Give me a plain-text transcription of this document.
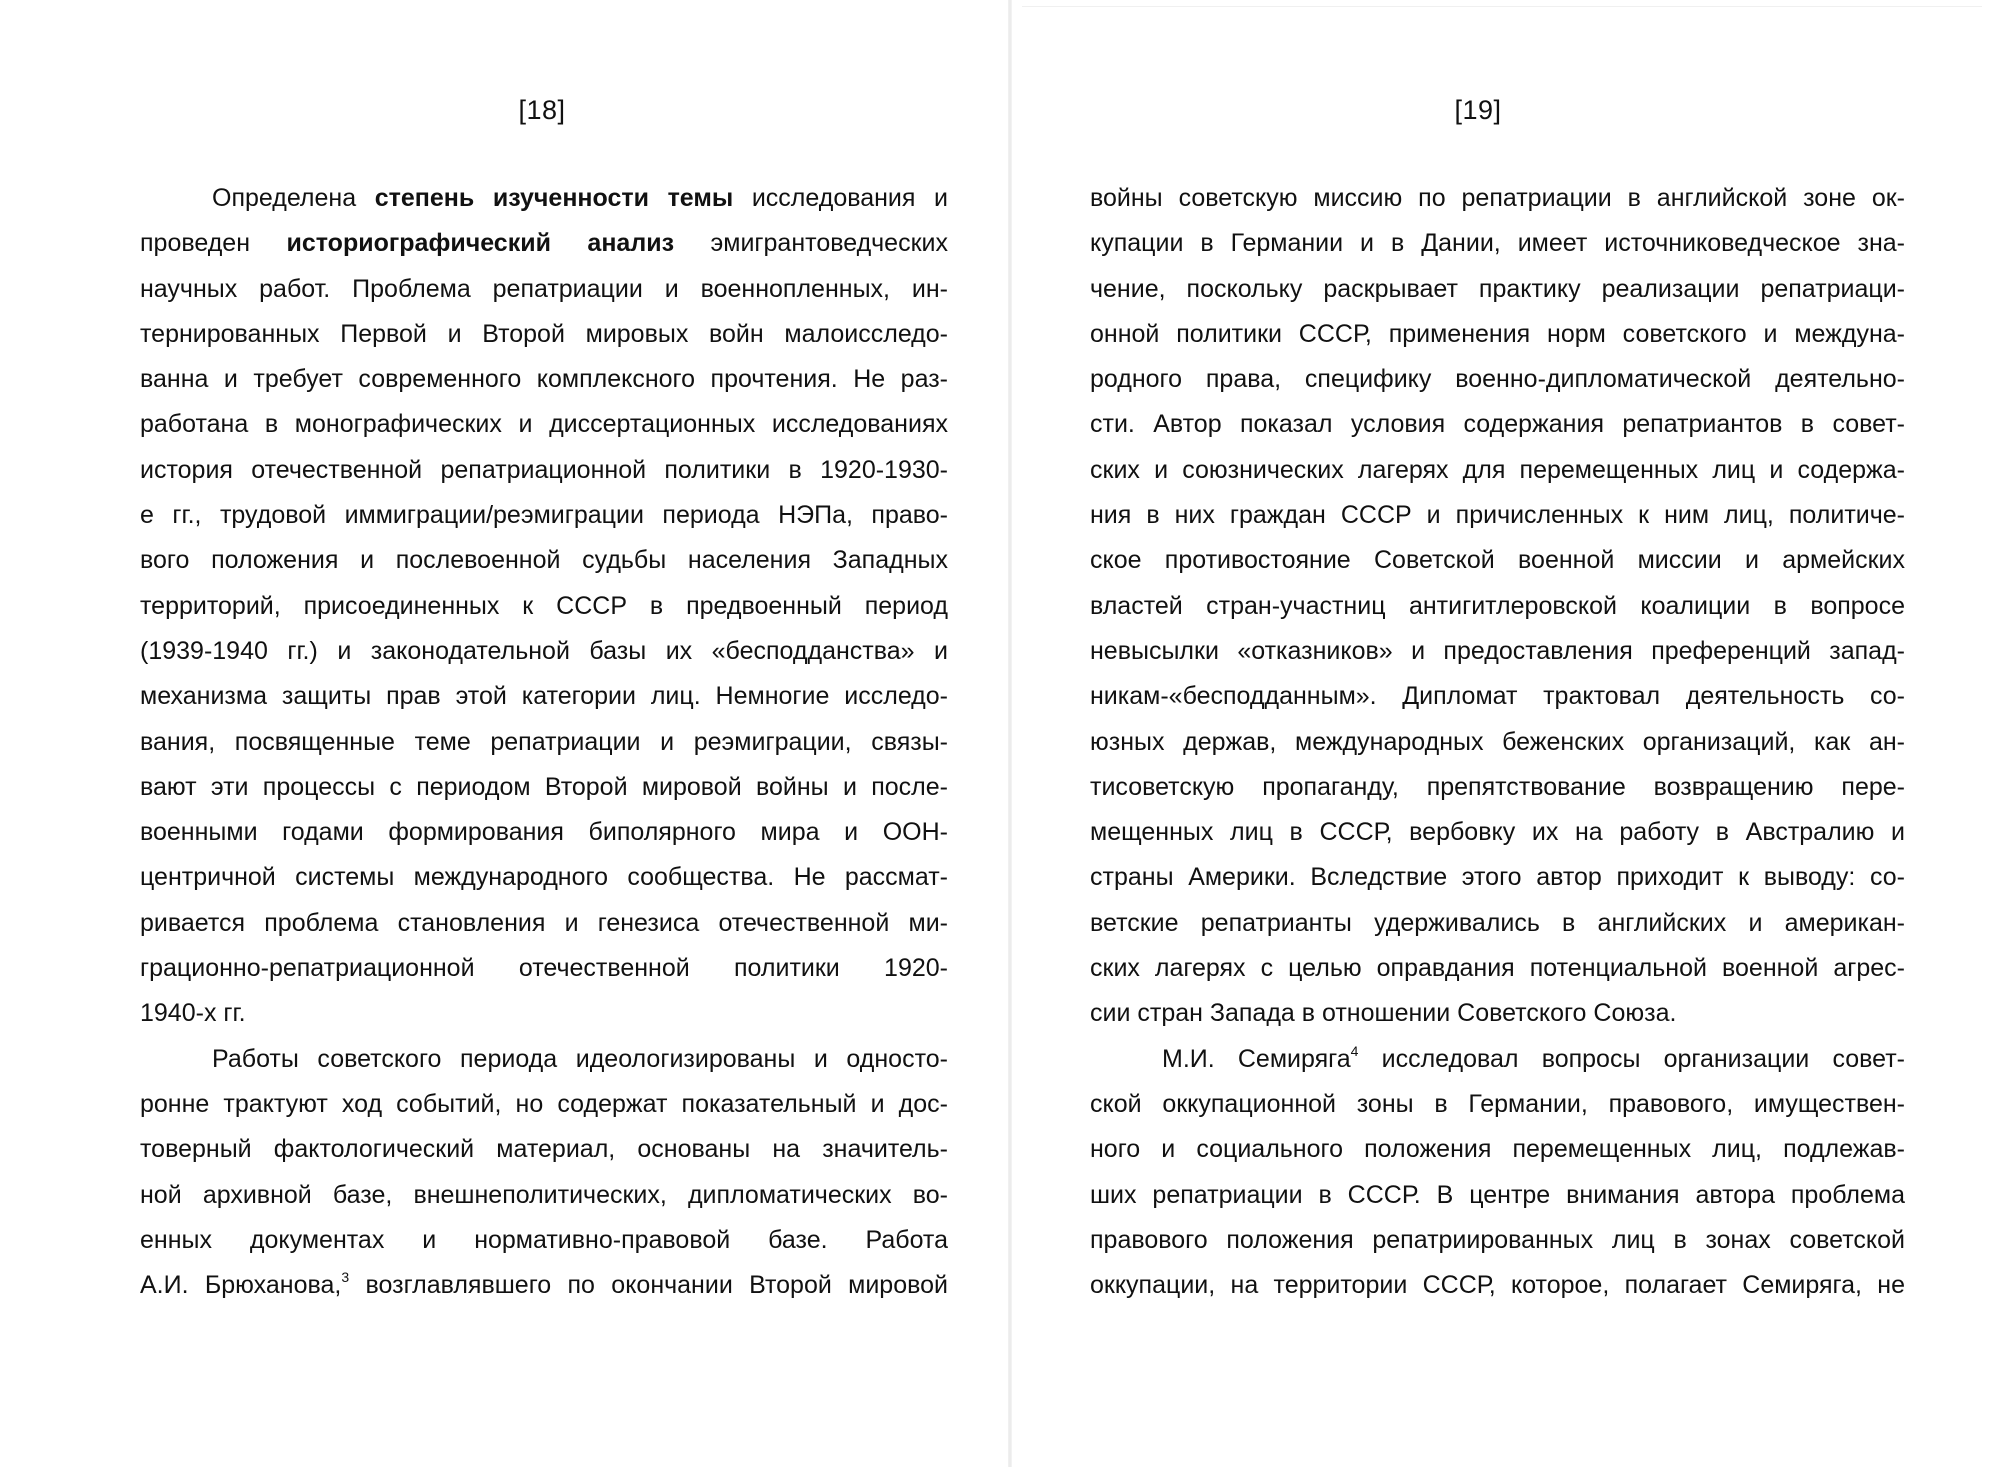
[18]
Определена степень изученности темы исследования и
проведен историографический анализ эмигрантоведческих
научных работ. Проблема репатриации и военнопленных, ин-
тернированных Первой и Второй мировых войн малоисследо-
ванна и требует современного комплексного прочтения. Не раз-
работана в монографических и диссертационных исследованиях
история отечественной репатриационной политики в 1920-1930-
е гг., трудовой иммиграции/реэмиграции периода НЭПа, право-
вого положения и послевоенной судьбы населения Западных
территорий, присоединенных к СССР в предвоенный период
(1939-1940 гг.) и законодательной базы их «бесподданства» и
механизма защиты прав этой категории лиц. Немногие исследо-
вания, посвященные теме репатриации и реэмиграции, связы-
вают эти процессы с периодом Второй мировой войны и после-
военными годами формирования биполярного мира и ООН-
центричной системы международного сообщества. Не рассмат-
ривается проблема становления и генезиса отечественной ми-
грационно-репатриационной отечественной политики 1920-
1940-х гг.
Работы советского периода идеологизированы и односто-
ронне трактуют ход событий, но содержат показательный и дос-
товерный фактологический материал, основаны на значитель-
ной архивной базе, внешнеполитических, дипломатических во-
енных документах и нормативно-правовой базе. Работа
А.И. Брюханова,$^3$ возглавлявшего по окончании Второй мировой
[19]
войны советскую миссию по репатриации в английской зоне ок-
купации в Германии и в Дании, имеет источниковедческое зна-
чение, поскольку раскрывает практику реализации репатриаци-
онной политики СССР, применения норм советского и междуна-
родного права, специфику военно-дипломатической деятельно-
сти. Автор показал условия содержания репатриантов в совет-
ских и союзнических лагерях для перемещенных лиц и содержа-
ния в них граждан СССР и причисленных к ним лиц, политиче-
ское противостояние Советской военной миссии и армейских
властей стран-участниц антигитлеровской коалиции в вопросе
невысылки «отказников» и предоставления преференций запад-
никам-«бесподданным». Дипломат трактовал деятельность со-
юзных держав, международных беженских организаций, как ан-
тисоветскую пропаганду, препятствование возвращению пере-
мещенных лиц в СССР, вербовку их на работу в Австралию и
страны Америки. Вследствие этого автор приходит к выводу: со-
ветские репатрианты удерживались в английских и американ-
ских лагерях с целью оправдания потенциальной военной агрес-
сии стран Запада в отношении Советского Союза.
М.И. Семиряга$^4$ исследовал вопросы организации совет-
ской оккупационной зоны в Германии, правового, имуществен-
ного и социального положения перемещенных лиц, подлежав-
ших репатриации в СССР. В центре внимания автора проблема
правового положения репатриированных лиц в зонах советской
оккупации, на территории СССР, которое, полагает Семиряга, не
